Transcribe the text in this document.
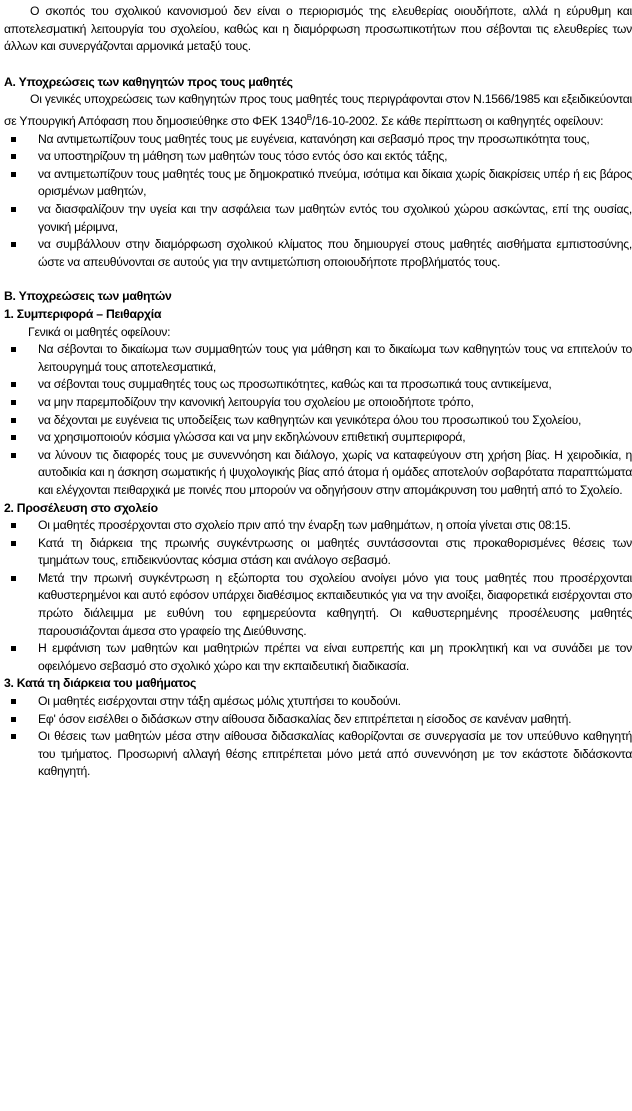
Ο σκοπός του σχολικού κανονισμού δεν είναι ο περιορισμός της ελευθερίας οιουδήποτε, αλλά η εύρυθμη και αποτελεσματική λειτουργία του σχολείου, καθώς και η διαμόρφωση προσωπικοτήτων που σέβονται τις ελευθερίες των άλλων και συνεργάζονται αρμονικά μεταξύ τους.

Α. Υποχρεώσεις των καθηγητών προς τους μαθητές

Οι γενικές υποχρεώσεις των καθηγητών προς τους μαθητές τους περιγράφονται στον Ν.1566/1985 και εξειδικεύονται σε Υπουργική Απόφαση που δημοσιεύθηκε στο ΦΕΚ $1340^B/16-10-2002$. Σε κάθε περίπτωση οι καθηγητές οφείλουν:

Να αντιμετωπίζουν τους μαθητές τους με ευγένεια, κατανόηση και σεβασμό προς την προσωπικότητα τους,
να υποστηρίζουν τη μάθηση των μαθητών τους τόσο εντός όσο και εκτός τάξης,
να αντιμετωπίζουν τους μαθητές τους με δημοκρατικό πνεύμα, ισότιμα και δίκαια χωρίς διακρίσεις υπέρ ή εις βάρος ορισμένων μαθητών,
να διασφαλίζουν την υγεία και την ασφάλεια των μαθητών εντός του σχολικού χώρου ασκώντας, επί της ουσίας, γονική μέριμνα,
να συμβάλλουν στην διαμόρφωση σχολικού κλίματος που δημιουργεί στους μαθητές αισθήματα εμπιστοσύνης, ώστε να απευθύνονται σε αυτούς για την αντιμετώπιση οποιουδήποτε προβλήματός τους.

Β. Υποχρεώσεις των μαθητών

1. Συμπεριφορά – Πειθαρχία

Γενικά οι μαθητές οφείλουν:

Να σέβονται το δικαίωμα των συμμαθητών τους για μάθηση και το δικαίωμα των καθηγητών τους να επιτελούν το λειτουργημά τους αποτελεσματικά,
να σέβονται τους συμμαθητές τους ως προσωπικότητες, καθώς και τα προσωπικά τους αντικείμενα,
να μην παρεμποδίζουν την κανονική λειτουργία του σχολείου με οποιοδήποτε τρόπο,
να δέχονται με ευγένεια τις υποδείξεις των καθηγητών και γενικότερα όλου του προσωπικού του Σχολείου,
να χρησιμοποιούν κόσμια γλώσσα και να μην εκδηλώνουν επιθετική συμπεριφορά,
να λύνουν τις διαφορές τους με συνεννόηση και διάλογο, χωρίς να καταφεύγουν στη χρήση βίας. Η χειροδικία, η αυτοδικία και η άσκηση σωματικής ή ψυχολογικής βίας από άτομα ή ομάδες αποτελούν σοβαρότατα παραπτώματα και ελέγχονται πειθαρχικά με ποινές που μπορούν να οδηγήσουν στην απομάκρυνση του μαθητή από το Σχολείο.

2. Προσέλευση στο σχολείο

Οι μαθητές προσέρχονται στο σχολείο πριν από την έναρξη των μαθημάτων, η οποία γίνεται στις 08:15.
Κατά τη διάρκεια της πρωινής συγκέντρωσης οι μαθητές συντάσσονται στις προκαθορισμένες θέσεις των τμημάτων τους, επιδεικνύοντας κόσμια στάση και ανάλογο σεβασμό.
Μετά την πρωινή συγκέντρωση η εξώπορτα του σχολείου ανοίγει μόνο για τους μαθητές που προσέρχονται καθυστερημένοι και αυτό εφόσον υπάρχει διαθέσιμος εκπαιδευτικός για να την ανοίξει, διαφορετικά εισέρχονται στο πρώτο διάλειμμα με ευθύνη του εφημερεύοντα καθηγητή. Οι καθυστερημένης προσέλευσης μαθητές παρουσιάζονται άμεσα στο γραφείο της Διεύθυνσης.
Η εμφάνιση των μαθητών και μαθητριών πρέπει να είναι ευπρεπής και μη προκλητική και να συνάδει με τον οφειλόμενο σεβασμό στο σχολικό χώρο και την εκπαιδευτική διαδικασία.

3. Κατά τη διάρκεια του μαθήματος

Οι μαθητές εισέρχονται στην τάξη αμέσως μόλις χτυπήσει το κουδούνι.
Εφ' όσον εισέλθει ο διδάσκων στην αίθουσα διδασκαλίας δεν επιτρέπεται η είσοδος σε κανέναν μαθητή.
Οι θέσεις των μαθητών μέσα στην αίθουσα διδασκαλίας καθορίζονται σε συνεργασία με τον υπεύθυνο καθηγητή του τμήματος. Προσωρινή αλλαγή θέσης επιτρέπεται μόνο μετά από συνεννόηση με τον εκάστοτε διδάσκοντα καθηγητή.
